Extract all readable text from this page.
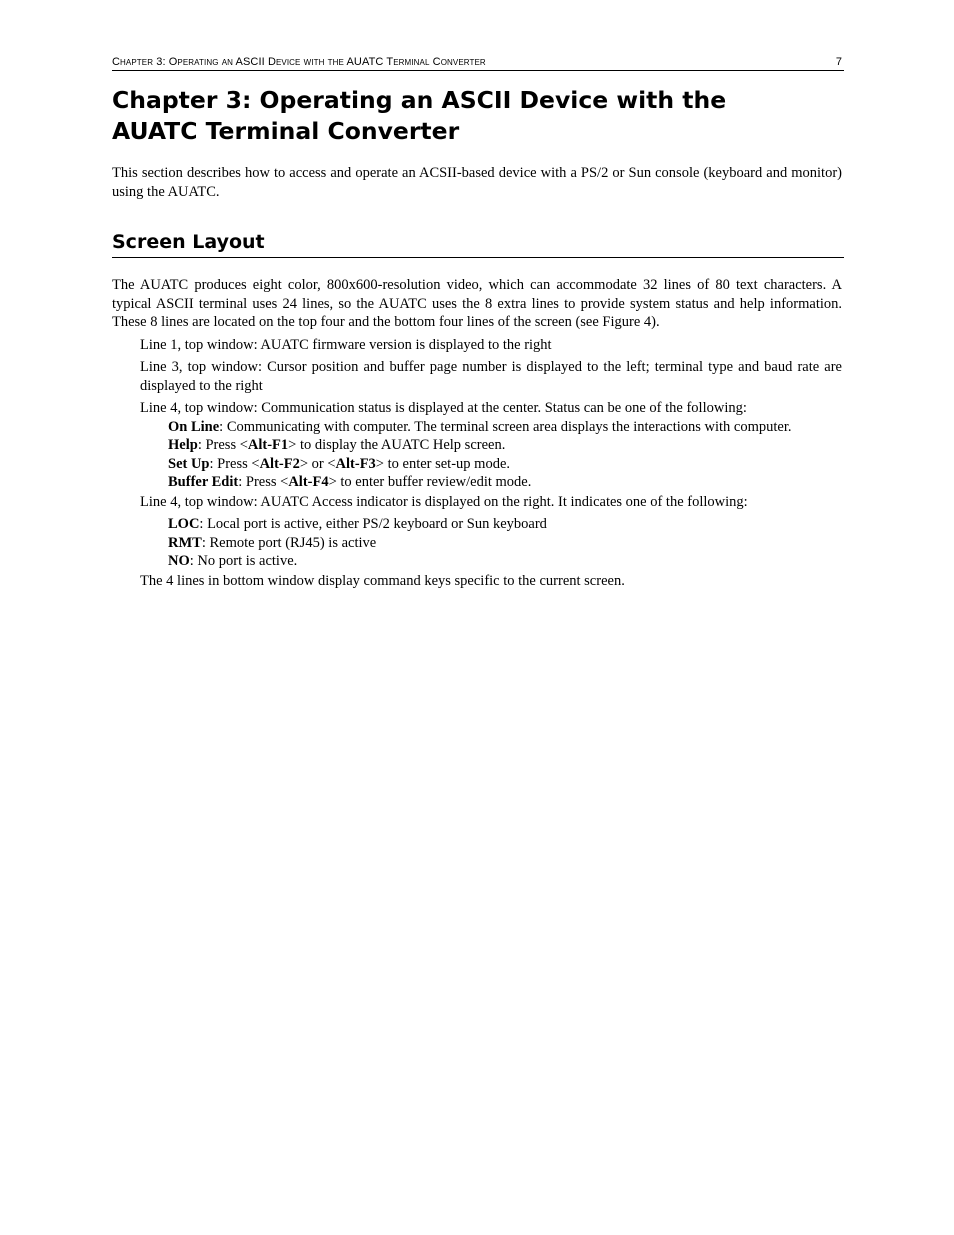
Chapter 3: Operating an ASCII Device with the AUATC Terminal Converter	7
Chapter 3: Operating an ASCII Device with the
AUATC Terminal Converter

This section describes how to access and operate an ACSII-based device with a PS/2 or Sun console (keyboard and monitor) using the AUATC.

Screen Layout

The AUATC produces eight color, 800x600-resolution video, which can accommodate 32 lines of 80 text characters. A typical ASCII terminal uses 24 lines, so the AUATC uses the 8 extra lines to provide system status and help information. These 8 lines are located on the top four and the bottom four lines of the screen (see Figure 4).

Line 1, top window: AUATC firmware version is displayed to the right

Line 3, top window: Cursor position and buffer page number is displayed to the left; terminal type and baud rate are displayed to the right

Line 4, top window: Communication status is displayed at the center. Status can be one of the following:

On Line: Communicating with computer. The terminal screen area displays the interactions with computer.

Help: Press <Alt-F1> to display the AUATC Help screen.

Set Up: Press <Alt-F2> or <Alt-F3> to enter set-up mode.

Buffer Edit: Press <Alt-F4> to enter buffer review/edit mode.

Line 4, top window: AUATC Access indicator is displayed on the right. It indicates one of the following:

LOC: Local port is active, either PS/2 keyboard or Sun keyboard

RMT: Remote port (RJ45) is active

NO: No port is active.

The 4 lines in bottom window display command keys specific to the current screen.
